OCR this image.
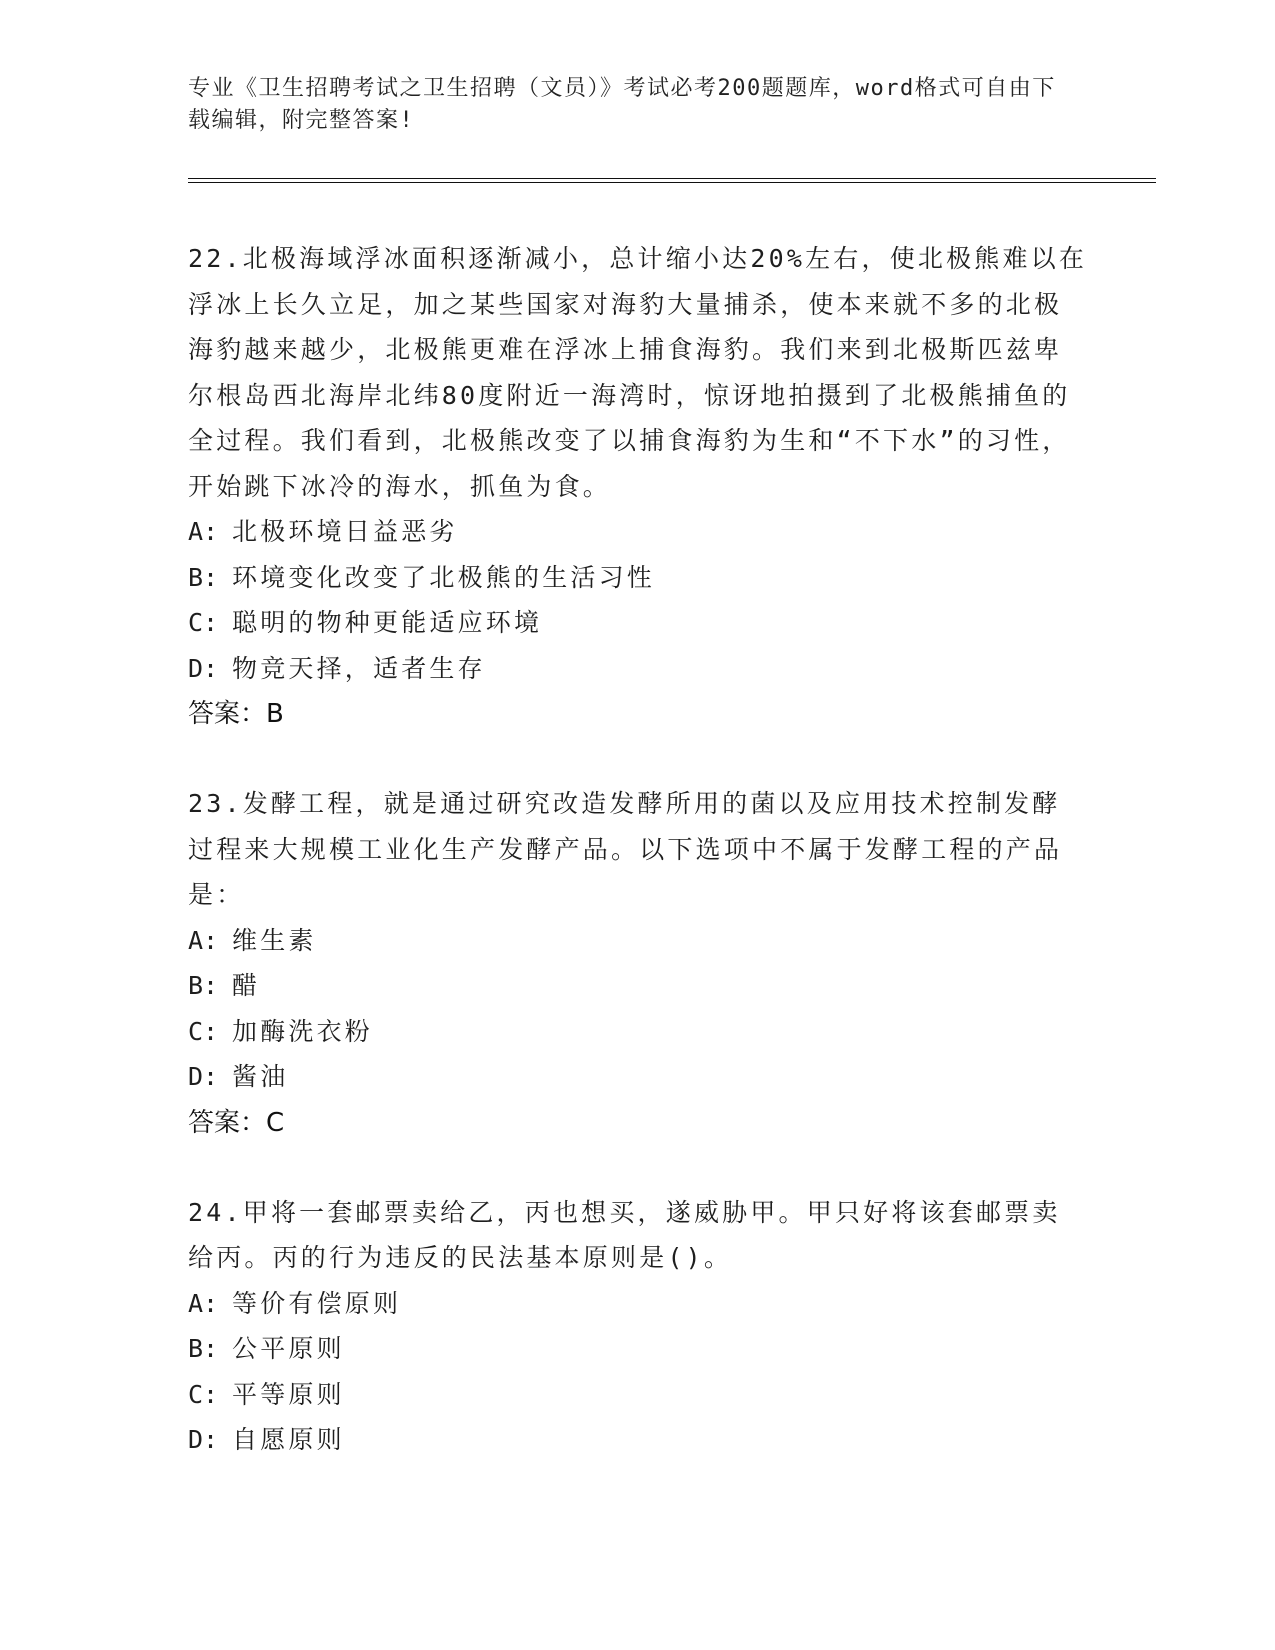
专业《卫生招聘考试之卫生招聘（文员）》考试必考200题题库，word格式可自由下载编辑，附完整答案!
22.北极海域浮冰面积逐渐减小，总计缩小达20%左右，使北极熊难以在浮冰上长久立足，加之某些国家对海豹大量捕杀，使本来就不多的北极海豹越来越少，北极熊更难在浮冰上捕食海豹。我们来到北极斯匹兹卑尔根岛西北海岸北纬80度附近一海湾时，惊讶地拍摄到了北极熊捕鱼的全过程。我们看到，北极熊改变了以捕食海豹为生和“不下水”的习性，开始跳下冰冷的海水，抓鱼为食。
A: 北极环境日益恶劣
B: 环境变化改变了北极熊的生活习性
C: 聪明的物种更能适应环境
D: 物竞天择，适者生存
答案：B
23.发酵工程，就是通过研究改造发酵所用的菌以及应用技术控制发酵过程来大规模工业化生产发酵产品。以下选项中不属于发酵工程的产品是：
A: 维生素
B: 醋
C: 加酶洗衣粉
D: 酱油
答案：C
24.甲将一套邮票卖给乙，丙也想买，遂威胁甲。甲只好将该套邮票卖给丙。丙的行为违反的民法基本原则是()。
A: 等价有偿原则
B: 公平原则
C: 平等原则
D: 自愿原则
